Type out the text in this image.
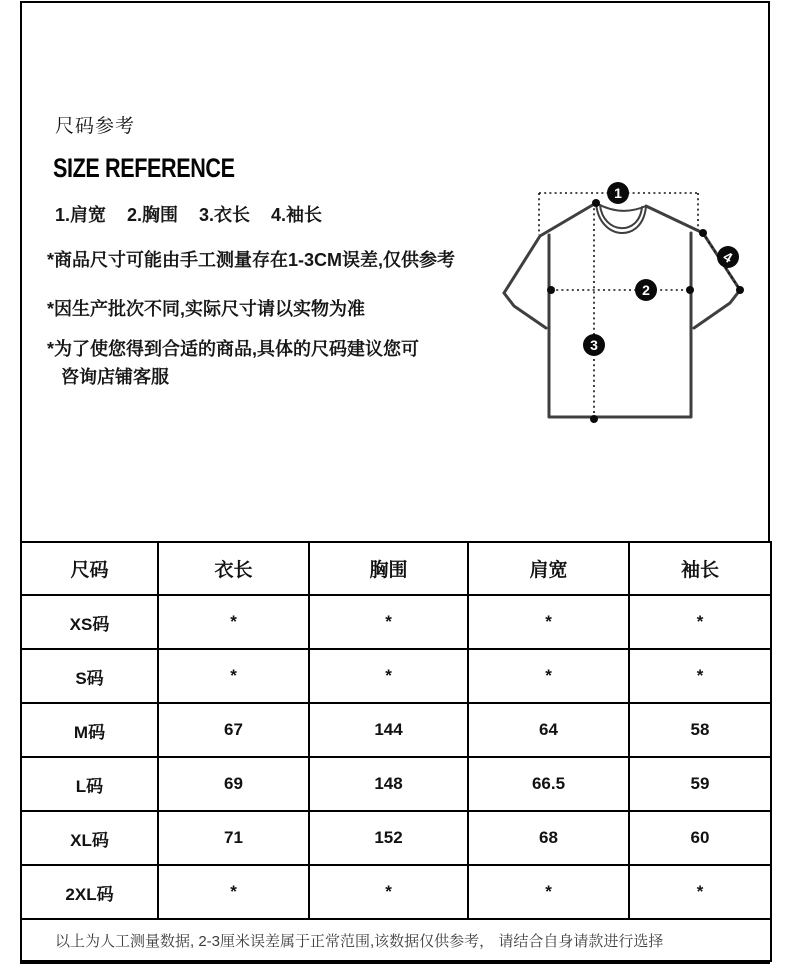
尺码参考
SIZE REFERENCE
1.肩宽 2.胸围 3.衣长 4.袖长
*商品尺寸可能由手工测量存在1-3CM误差,仅供参考
*因生产批次不同,实际尺寸请以实物为准
*为了使您得到合适的商品,具体的尺码建议您可
咨询店铺客服
1
2
3
4
尺码	衣长	胸围	肩宽	袖长
XS码	*	*	*	*
S码	*	*	*	*
M码	67	144	64	58
L码	69	148	66.5	59
XL码	71	152	68	60
2XL码	*	*	*	*
以上为人工测量数据, 2-3厘米误差属于正常范围,该数据仅供参考， 请结合自身请款进行选择				
